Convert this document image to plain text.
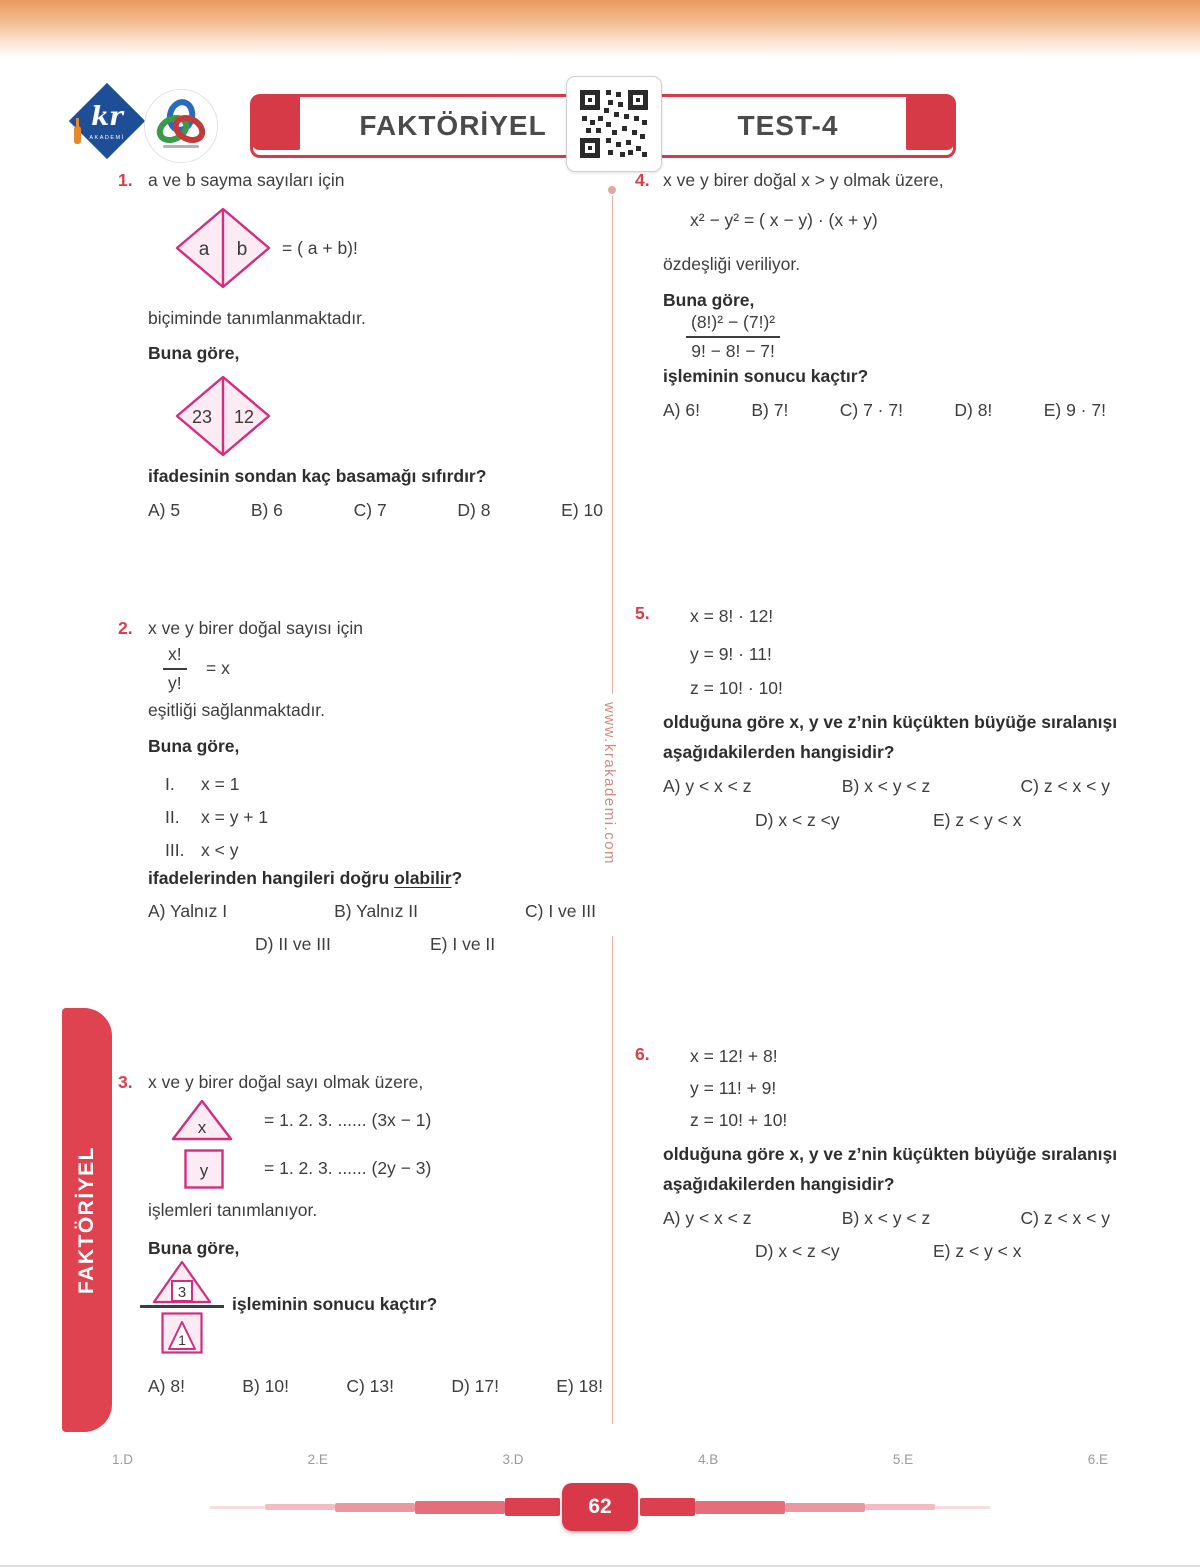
kr
AKADEMİ	FAKTÖRİYEL	TEST-4
www.krakademi.com
FAKTÖRİYEL
1. a ve b sayma sayıları için
a b = ( a + b)!
biçiminde tanımlanmaktadır.
Buna göre,
23 12
ifadesinin sondan kaç basamağı sıfırdır?
A) 5	B) 6	C) 7	D) 8	E) 10
2. x ve y birer doğal sayısı için
$\frac{x!}{y!} = x$
eşitliği sağlanmaktadır.
Buna göre,
I. x = 1
II. x = y + 1
III. x < y
ifadelerinden hangileri doğru olabilir?
A) Yalnız I	B) Yalnız II	C) I ve III
D) II ve III	E) I ve II
3. x ve y birer doğal sayı olmak üzere,
x	= 1. 2. 3. ...... (3x − 1)
y	= 1. 2. 3. ...... (2y − 3)
işlemleri tanımlanıyor.
Buna göre,
3
1
işleminin sonucu kaçtır?
A) 8!	B) 10!	C) 13!	D) 17!	E) 18!
4. x ve y birer doğal x > y olmak üzere,
x² − y² = ( x − y) · (x + y)
özdeşliği veriliyor.
Buna göre,
$\frac{\text{(8!)² − (7!)²}}{9! - 8! - 7!}$
işleminin sonucu kaçtır?
A) 6!	B) 7!	C) 7 · 7!	D) 8!	E) 9 · 7!
5. x = 8! · 12!
y = 9! · 11!
z = 10! · 10!
olduğuna göre x, y ve z’nin küçükten büyüğe sıralanışı
aşağıdakilerden hangisidir?
A) y < x < z	B) x < y < z	C) z < x < y
D) x < z <y	E) z < y < x
6. x = 12! + 8!
y = 11! + 9!
z = 10! + 10!
olduğuna göre x, y ve z’nin küçükten büyüğe sıralanışı
aşağıdakilerden hangisidir?
A) y < x < z	B) x < y < z	C) z < x < y
D) x < z <y	E) z < y < x
1.D	2.E	3.D	4.B	5.E	6.E
62
